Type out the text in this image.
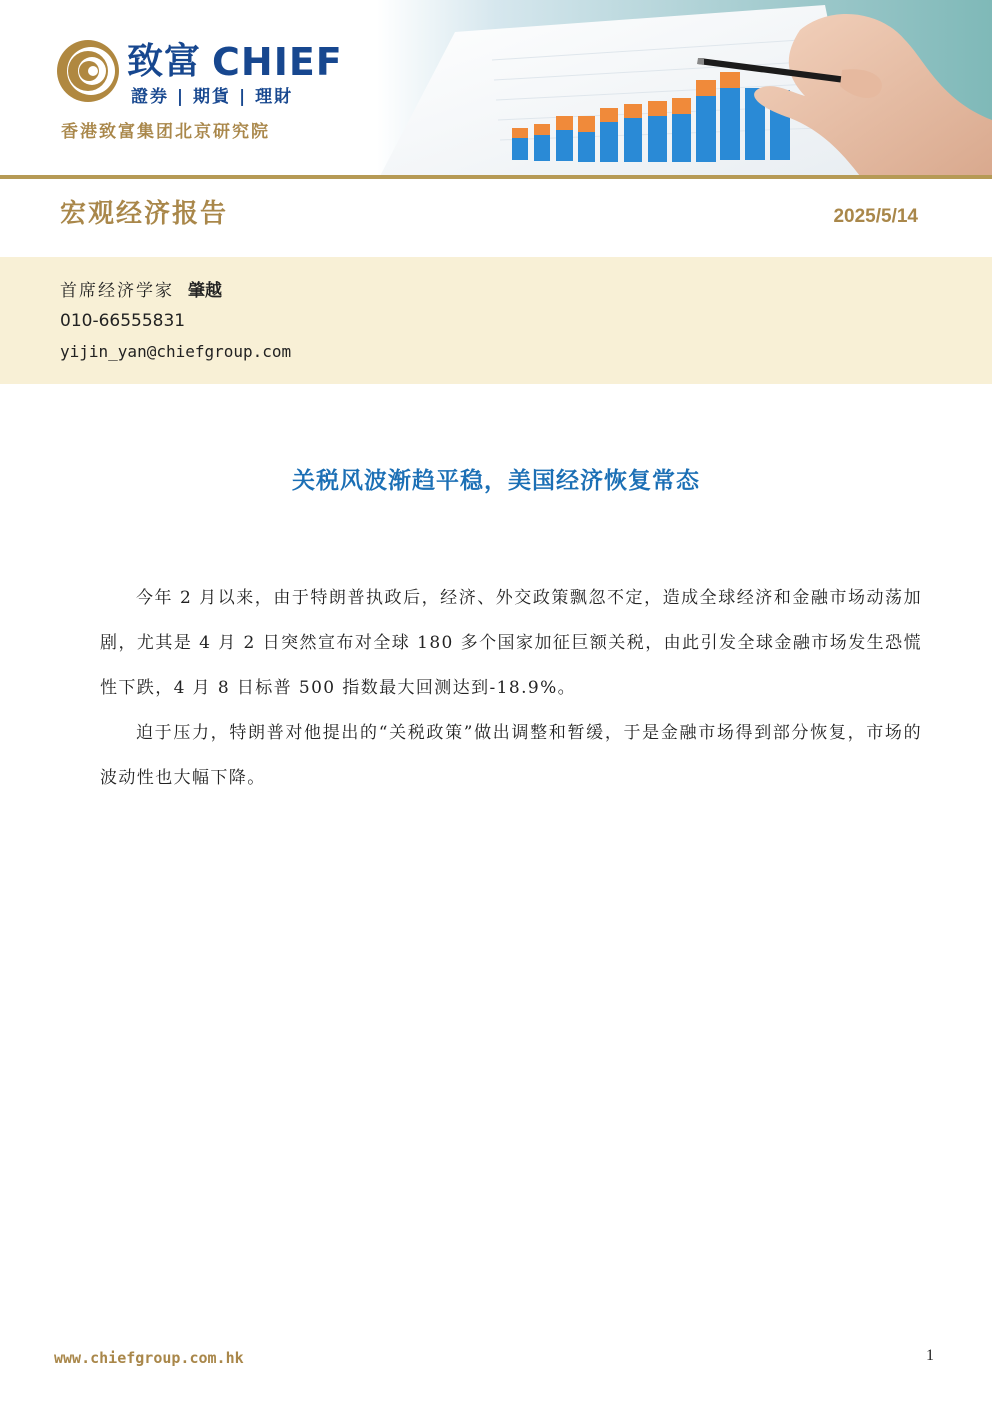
致富 CHIEF
證券 | 期貨 | 理財
香港致富集团北京研究院
宏观经济报告	2025/5/14
首席经济学家 肇越
010-66555831
yijin_yan@chiefgroup.com
关税风波渐趋平稳，美国经济恢复常态

今年 2 月以来，由于特朗普执政后，经济、外交政策飘忽不定，造成全球经济和金融市场动荡加剧，尤其是 4 月 2 日突然宣布对全球 180 多个国家加征巨额关税，由此引发全球金融市场发生恐慌性下跌，4 月 8 日标普 500 指数最大回测达到-18.9%。

迫于压力，特朗普对他提出的“关税政策”做出调整和暂缓，于是金融市场得到部分恢复，市场的波动性也大幅下降。

www.chiefgroup.com.hk	1
